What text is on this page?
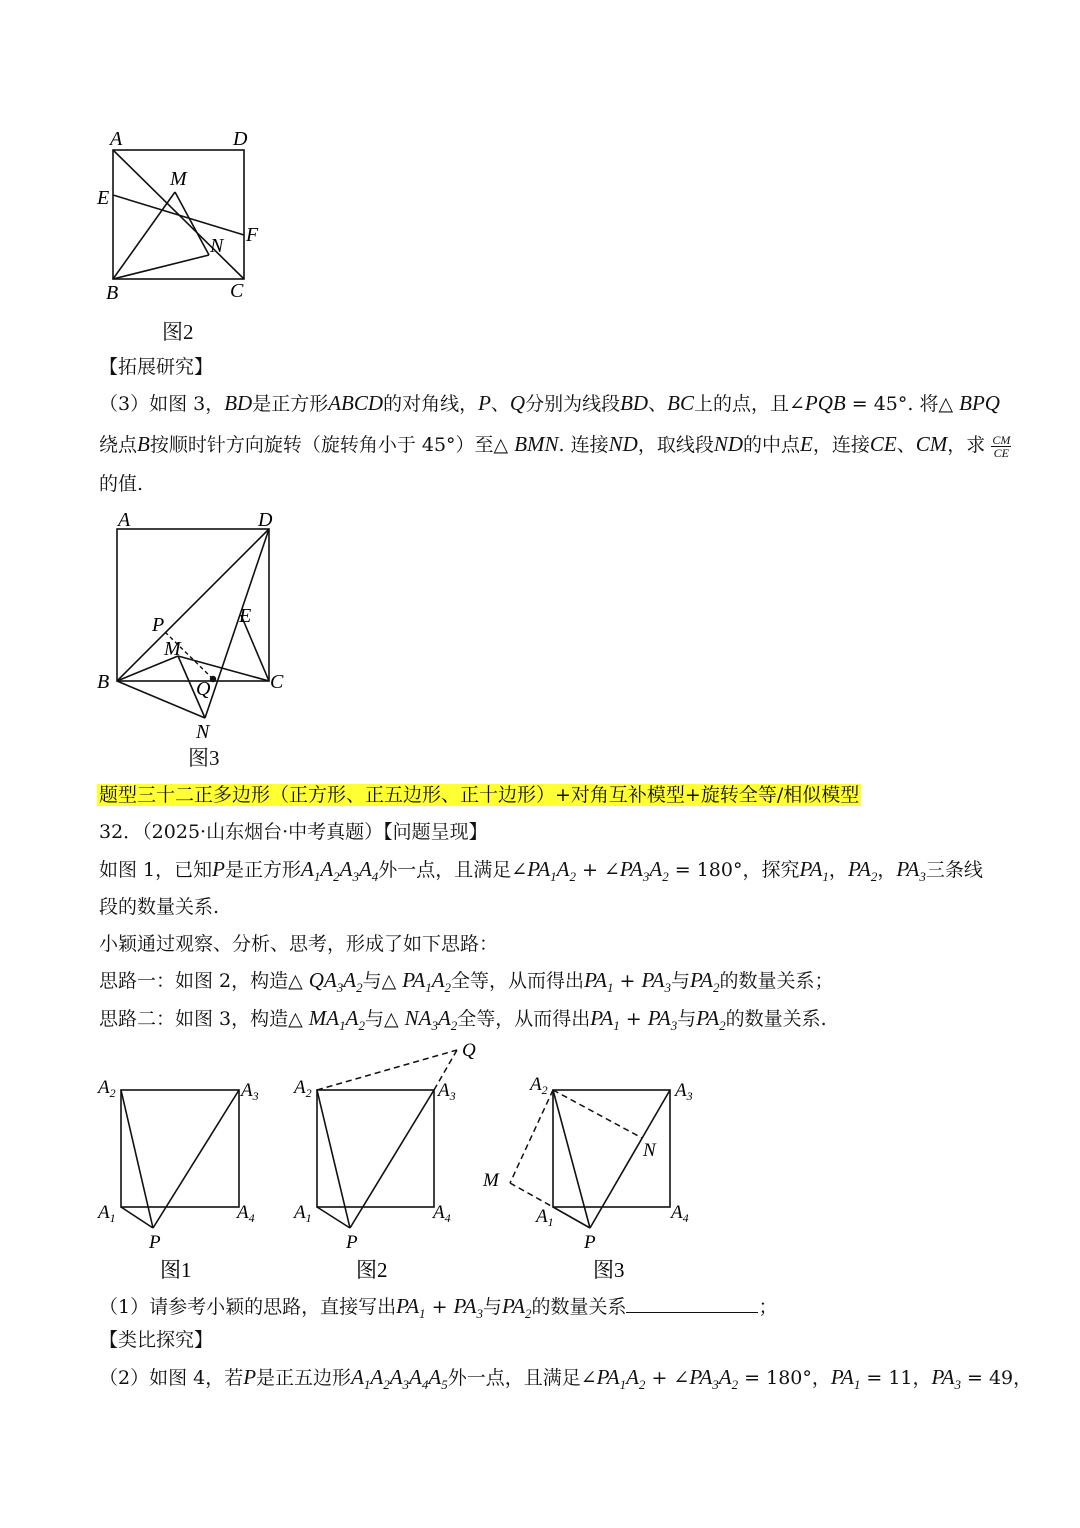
A	D
M
E
N F
B	C
图2
【拓展研究】
（3）如图 3，BD是正方形ABCD的对角线，P、Q分别为线段BD、BC上的点，且∠PQB = 45°. 将△ BPQ
绕点B按顺时针方向旋转（旋转角小于 45°）至△ BMN. 连接ND，取线段ND的中点E，连接CE、CM，求 $\frac{CM}{CE}$
的值.
A	D
P	E
M
B	Q	C
N
图3
题型三十二正多边形（正方形、正五边形、正十边形）+对角互补模型+旋转全等/相似模型
32．（2025·山东烟台·中考真题）【问题呈现】
如图 1，已知P是正方形$A_1A_2A_3A_4$外一点，且满足$\angle PA_1A_2$ + $\angle PA_3A_2 = 180^\circ$，探究$PA_1$，$PA_2$，$PA_3$三条线
段的数量关系.
小颖通过观察、分析、思考，形成了如下思路：
思路一：如图 2，构造△ $QA_3A_2$与△ $PA_1A_2$全等，从而得出$PA_1 + PA_3$与$PA_2$的数量关系；
思路二：如图 3，构造△ $MA_1A_2$与△ $NA_3A_2$全等，从而得出$PA_1 + PA_3$与$PA_2$的数量关系.
$A_2$	$A_3$
$A_1$	$A_4$
P
$A_2$	$A_3$
Q
$A_1$	$A_4$
P
$A_2$	$A_3$
N
M
$A_1$	$A_4$
P
图1	图2	图3
（1）请参考小颖的思路，直接写出$PA_1 + PA_3$与$PA_2$的数量关系	；
【类比探究】
（2）如图 4，若P是正五边形$A_1A_2A_3A_4A_5$外一点，且满足$\angle PA_1A_2$ + $\angle PA_3A_2 = 180^\circ$，$PA_1 = 11$，$PA_3 = 49$，
